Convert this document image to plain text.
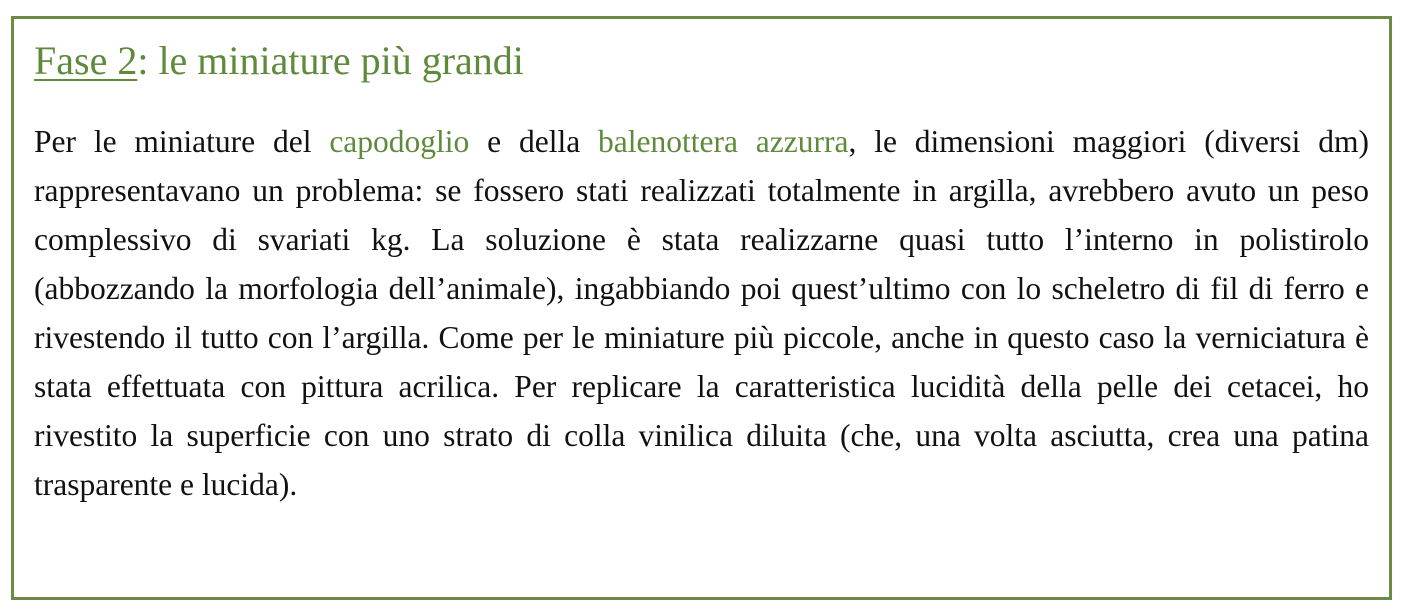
Fase 2: le miniature più grandi

Per le miniature del capodoglio e della balenottera azzurra, le dimensioni maggiori (diversi dm) rappresentavano un problema: se fossero stati realizzati totalmente in argilla, avrebbero avuto un peso complessivo di svariati kg. La soluzione è stata realizzarne quasi tutto l’interno in polistirolo (abbozzando la morfologia dell’animale), ingabbiando poi quest’ultimo con lo scheletro di fil di ferro e rivestendo il tutto con l’argilla. Come per le miniature più piccole, anche in questo caso la verniciatura è stata effettuata con pittura acrilica. Per replicare la caratteristica lucidità della pelle dei cetacei, ho rivestito la superficie con uno strato di colla vinilica diluita (che, una volta asciutta, crea una patina trasparente e lucida).
